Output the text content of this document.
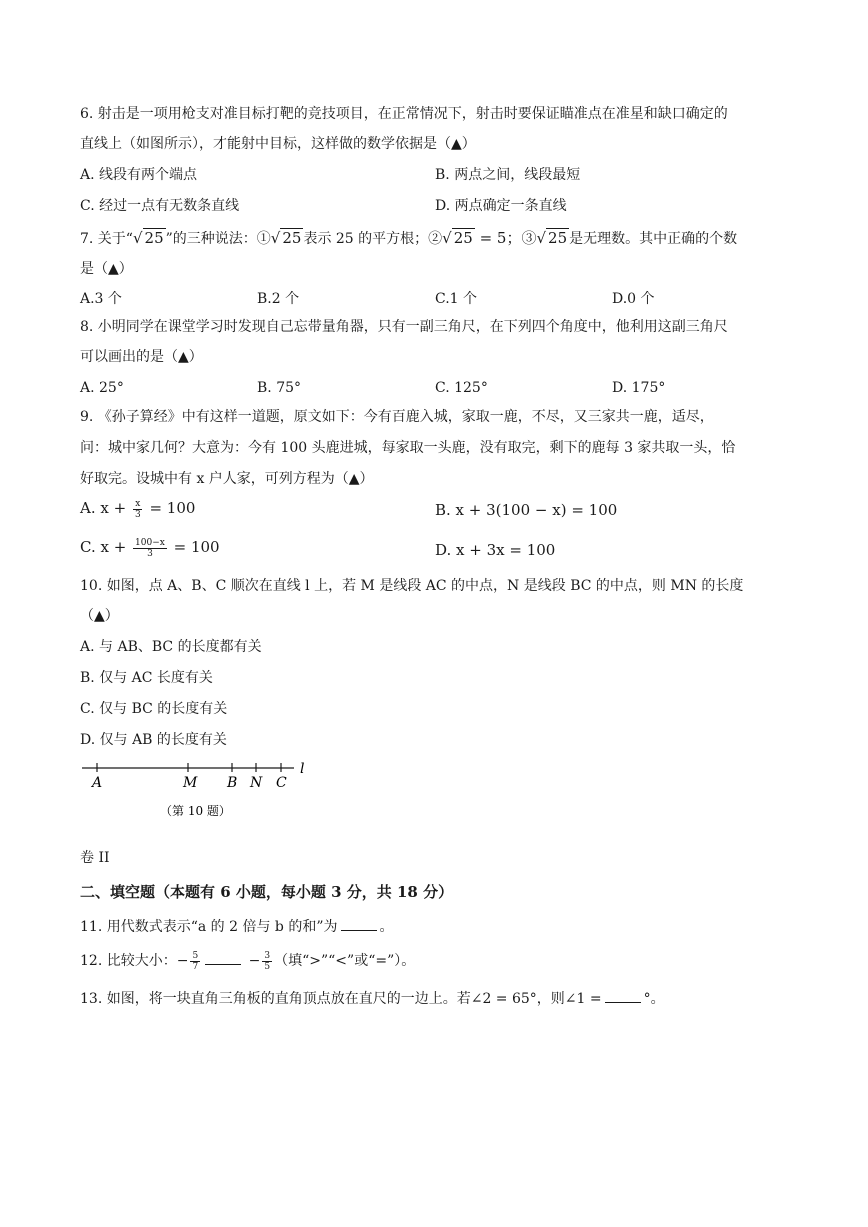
6. 射击是一项用枪支对准目标打靶的竞技项目，在正常情况下，射击时要保证瞄准点在准星和缺口确定的
直线上（如图所示），才能射中目标，这样做的数学依据是（▲）
A. 线段有两个端点	B. 两点之间，线段最短
C. 经过一点有无数条直线	D. 两点确定一条直线
7. 关于“√ 25 ”的三种说法：①√ 25 表示 25 的平方根；②√ 25 = 5；③√ 25 是无理数。其中正确的个数
是（▲）
A.3 个	B.2 个	C.1 个	D.0 个
8. 小明同学在课堂学习时发现自己忘带量角器，只有一副三角尺，在下列四个角度中，他利用这副三角尺
可以画出的是（▲）
A. 25°	B. 75°	C. 125°	D. 175°
9. 《孙子算经》中有这样一道题，原文如下：今有百鹿入城，家取一鹿，不尽，又三家共一鹿，适尽，
问：城中家几何？大意为：今有 100 头鹿进城，每家取一头鹿，没有取完，剩下的鹿每 3 家共取一头，恰
好取完。设城中有 x 户人家，可列方程为（▲）
A. $x + \frac{x}{3} = 100$	B. x + 3(100 − x) = 100
C. $x + \frac{100-x}{3} = 100$	D. x + 3x = 100
10. 如图，点 A、B、C 顺次在直线 l 上，若 M 是线段 AC 的中点，N 是线段 BC 的中点，则 MN 的长度
（▲）
A. 与 AB、BC 的长度都有关
B. 仅与 AC 长度有关
C. 仅与 BC 的长度有关
D. 仅与 AB 的长度有关
A	M B N C
l
（第 10 题）
卷 II
二、填空题（本题有 6 小题，每小题 3 分，共 18 分）
11. 用代数式表示“a 的 2 倍与 b 的和”为	。
12. 比较大小：− $\frac{5}{7}$	− $\frac{3}{5}$ （填“>”“<”或“=”）。
13. 如图，将一块直角三角板的直角顶点放在直尺的一边上。若∠2 = 65°，则∠1 =	°。
